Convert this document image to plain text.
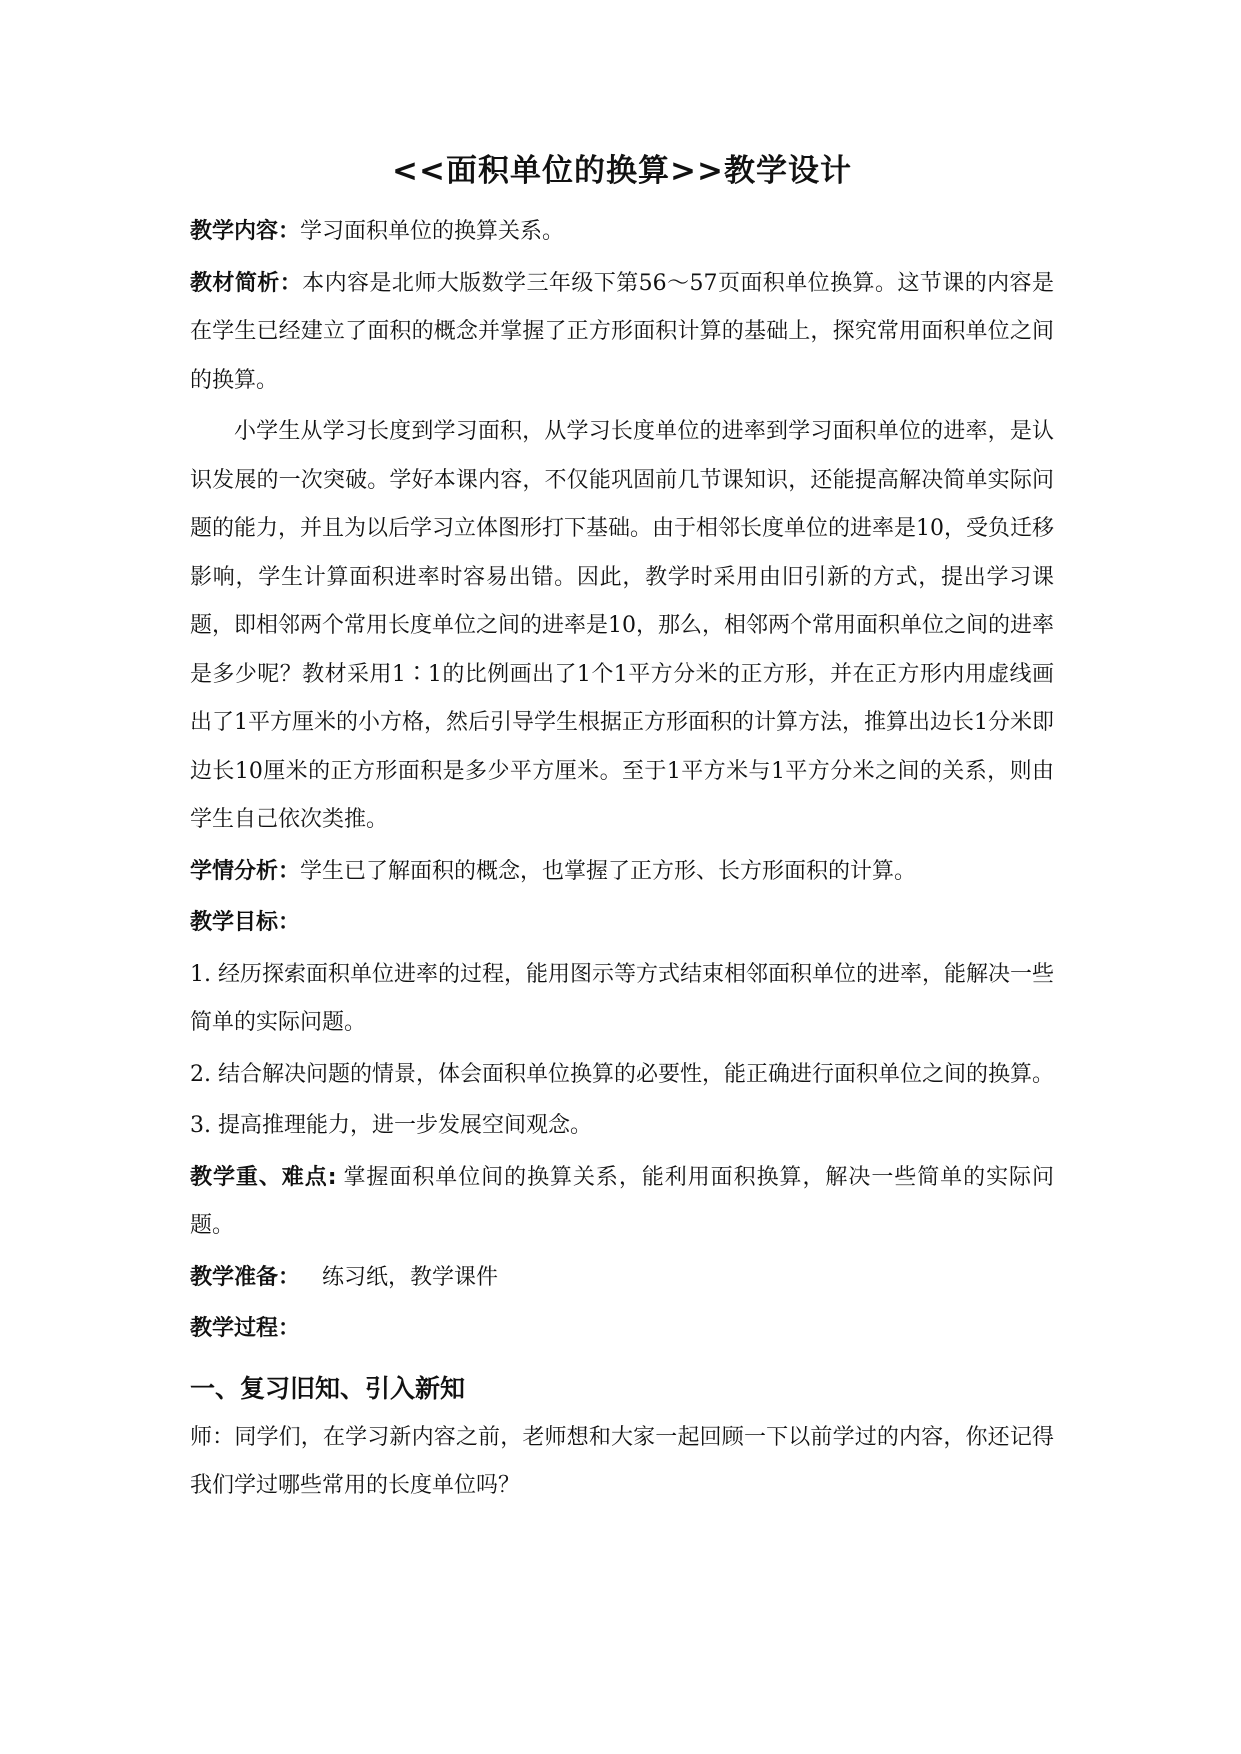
<<面积单位的换算>>教学设计

教学内容：学习面积单位的换算关系。

教材简析：本内容是北师大版数学三年级下第56～57页面积单位换算。这节课的内容是在学生已经建立了面积的概念并掌握了正方形面积计算的基础上，探究常用面积单位之间的换算。

小学生从学习长度到学习面积，从学习长度单位的进率到学习面积单位的进率，是认识发展的一次突破。学好本课内容，不仅能巩固前几节课知识，还能提高解决简单实际问题的能力，并且为以后学习立体图形打下基础。由于相邻长度单位的进率是10，受负迁移影响，学生计算面积进率时容易出错。因此，教学时采用由旧引新的方式，提出学习课题，即相邻两个常用长度单位之间的进率是10，那么，相邻两个常用面积单位之间的进率是多少呢？教材采用1∶1的比例画出了1个1平方分米的正方形，并在正方形内用虚线画出了1平方厘米的小方格，然后引导学生根据正方形面积的计算方法，推算出边长1分米即边长10厘米的正方形面积是多少平方厘米。至于1平方米与1平方分米之间的关系，则由学生自己依次类推。

学情分析：学生已了解面积的概念，也掌握了正方形、长方形面积的计算。

教学目标：

1. 经历探索面积单位进率的过程，能用图示等方式结束相邻面积单位的进率，能解决一些简单的实际问题。

2. 结合解决问题的情景，体会面积单位换算的必要性，能正确进行面积单位之间的换算。

3. 提高推理能力，进一步发展空间观念。

教学重、难点: 掌握面积单位间的换算关系，能利用面积换算，解决一些简单的实际问题。

教学准备： 练习纸，教学课件

教学过程：

一、复习旧知、引入新知

师：同学们，在学习新内容之前，老师想和大家一起回顾一下以前学过的内容，你还记得我们学过哪些常用的长度单位吗？
